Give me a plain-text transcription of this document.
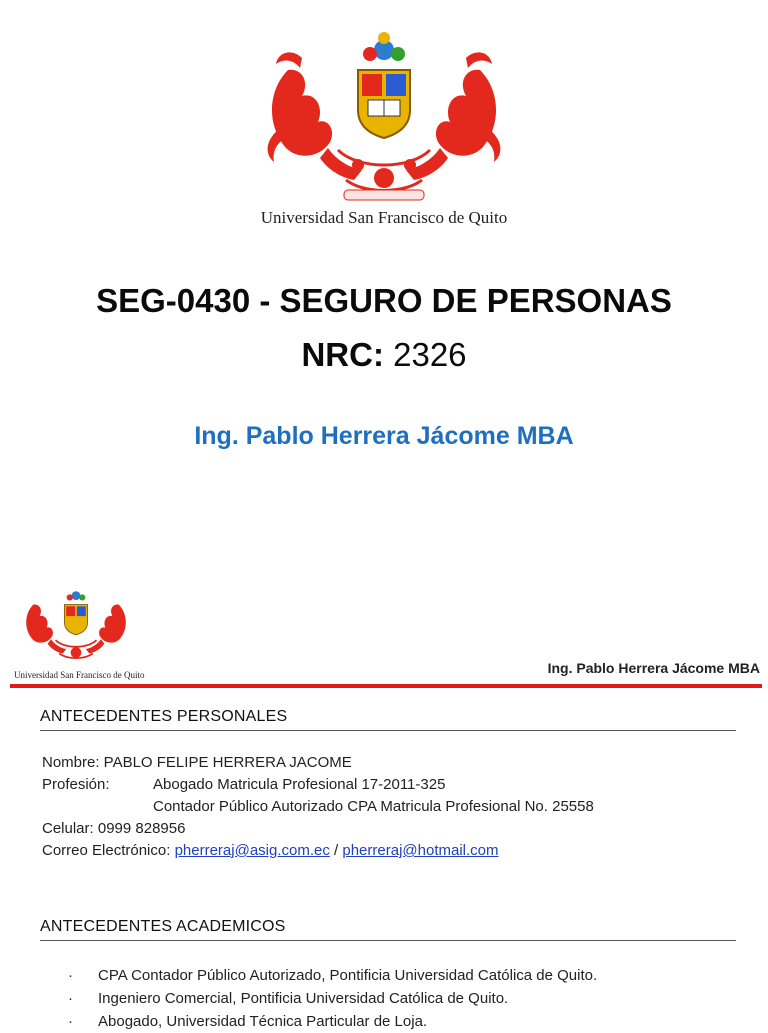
Universidad San Francisco de Quito
SEG-0430 - SEGURO DE PERSONAS
NRC: 2326
Ing. Pablo Herrera Jácome MBA
Universidad San Francisco de Quito	Ing. Pablo Herrera Jácome MBA
ANTECEDENTES PERSONALES
Nombre: PABLO FELIPE HERRERA JACOME
Profesión:	Abogado Matricula Profesional 17-2011-325
Contador Público Autorizado CPA Matricula Profesional No. 25558
Celular: 0999 828956
Correo Electrónico: pherreraj@asig.com.ec / pherreraj@hotmail.com
ANTECEDENTES ACADEMICOS
· CPA Contador Público Autorizado, Pontificia Universidad Católica de Quito.
· Ingeniero Comercial, Pontificia Universidad Católica de Quito.
· Abogado, Universidad Técnica Particular de Loja.
